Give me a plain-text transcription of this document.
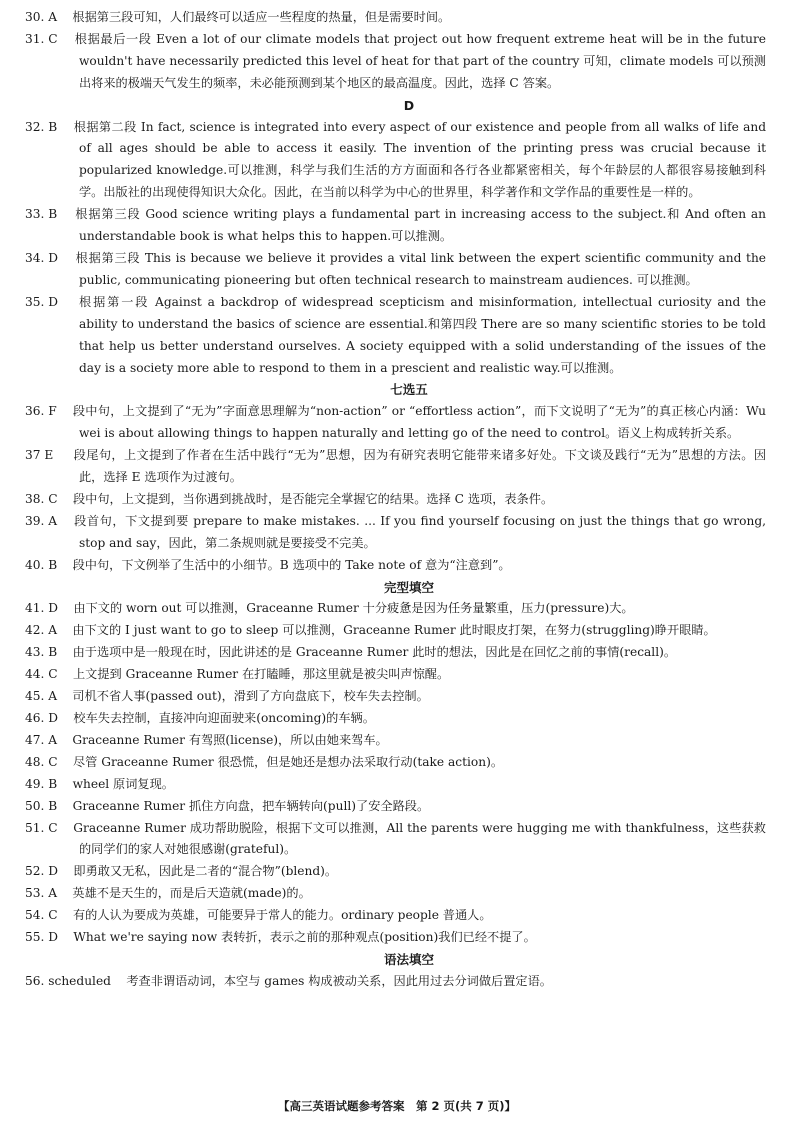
30. A 根据第三段可知，人们最终可以适应一些程度的热量，但是需要时间。
31. C 根据最后一段 Even a lot of our climate models that project out how frequent extreme heat will be in the future wouldn't have necessarily predicted this level of heat for that part of the country 可知，climate models 可以预测出将来的极端天气发生的频率，未必能预测到某个地区的最高温度。因此，选择 C 答案。
D
32. B 根据第二段 In fact, science is integrated into every aspect of our existence and people from all walks of life and of all ages should be able to access it easily. The invention of the printing press was crucial because it popularized knowledge.可以推测，科学与我们生活的方方面面和各行各业都紧密相关，每个年龄层的人都很容易接触到科学。出版社的出现使得知识大众化。因此，在当前以科学为中心的世界里，科学著作和文学作品的重要性是一样的。
33. B 根据第三段 Good science writing plays a fundamental part in increasing access to the subject.和 And often an understandable book is what helps this to happen.可以推测。
34. D 根据第三段 This is because we believe it provides a vital link between the expert scientific community and the public, communicating pioneering but often technical research to mainstream audiences. 可以推测。
35. D 根据第一段 Against a backdrop of widespread scepticism and misinformation, intellectual curiosity and the ability to understand the basics of science are essential.和第四段 There are so many scientific stories to be told that help us better understand ourselves. A society equipped with a solid understanding of the issues of the day is a society more able to respond to them in a prescient and realistic way.可以推测。
七选五
36. F 段中句，上文提到了“无为”字面意思理解为“non-action” or “effortless action”，而下文说明了“无为”的真正核心内涵：Wu wei is about allowing things to happen naturally and letting go of the need to control。语义上构成转折关系。
37 E 段尾句，上文提到了作者在生活中践行“无为”思想，因为有研究表明它能带来诸多好处。下文谈及践行“无为”思想的方法。因此，选择 E 选项作为过渡句。
38. C 段中句，上文提到，当你遇到挑战时，是否能完全掌握它的结果。选择 C 选项，表条件。
39. A 段首句，下文提到要 prepare to make mistakes. ... If you find yourself focusing on just the things that go wrong, stop and say，因此，第二条规则就是要接受不完美。
40. B 段中句，下文例举了生活中的小细节。B 选项中的 Take note of 意为“注意到”。
完型填空
41. D 由下文的 worn out 可以推测，Graceanne Rumer 十分疲惫是因为任务量繁重，压力(pressure)大。
42. A 由下文的 I just want to go to sleep 可以推测，Graceanne Rumer 此时眼皮打架，在努力(struggling)睁开眼睛。
43. B 由于选项中是一般现在时，因此讲述的是 Graceanne Rumer 此时的想法，因此是在回忆之前的事情(recall)。
44. C 上文提到 Graceanne Rumer 在打瞌睡，那这里就是被尖叫声惊醒。
45. A 司机不省人事(passed out)，滑到了方向盘底下，校车失去控制。
46. D 校车失去控制，直接冲向迎面驶来(oncoming)的车辆。
47. A Graceanne Rumer 有驾照(license)，所以由她来驾车。
48. C 尽管 Graceanne Rumer 很恐慌，但是她还是想办法采取行动(take action)。
49. B wheel 原词复现。
50. B Graceanne Rumer 抓住方向盘，把车辆转向(pull)了安全路段。
51. C Graceanne Rumer 成功帮助脱险，根据下文可以推测，All the parents were hugging me with thankfulness，这些获救的同学们的家人对她很感谢(grateful)。
52. D 即勇敢又无私，因此是二者的“混合物”(blend)。
53. A 英雄不是天生的，而是后天造就(made)的。
54. C 有的人认为要成为英雄，可能要异于常人的能力。ordinary people 普通人。
55. D What we're saying now 表转折，表示之前的那种观点(position)我们已经不提了。
语法填空
56. scheduled 考查非谓语动词，本空与 games 构成被动关系，因此用过去分词做后置定语。
【高三英语试题参考答案　第 2 页(共 7 页)】
